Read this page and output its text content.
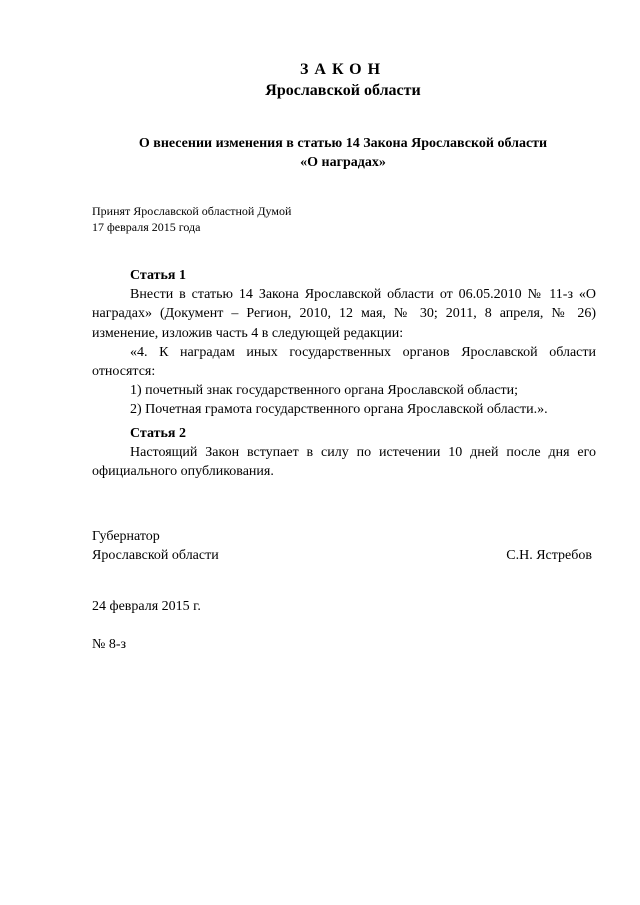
ЗАКОН
Ярославской области
О внесении изменения в статью 14 Закона Ярославской области
«О наградах»
Принят Ярославской областной Думой
17 февраля 2015 года
Статья 1
Внести в статью 14 Закона Ярославской области от 06.05.2010 № 11-з «О наградах» (Документ – Регион, 2010, 12 мая, № 30; 2011, 8 апреля, № 26) изменение, изложив часть 4 в следующей редакции:
«4. К наградам иных государственных органов Ярославской области относятся:
1) почетный знак государственного органа Ярославской области;
2) Почетная грамота государственного органа Ярославской области.».
Статья 2
Настоящий Закон вступает в силу по истечении 10 дней после дня его официального опубликования.
Губернатор
Ярославской области	С.Н. Ястребов
24 февраля 2015 г.
№ 8-з
